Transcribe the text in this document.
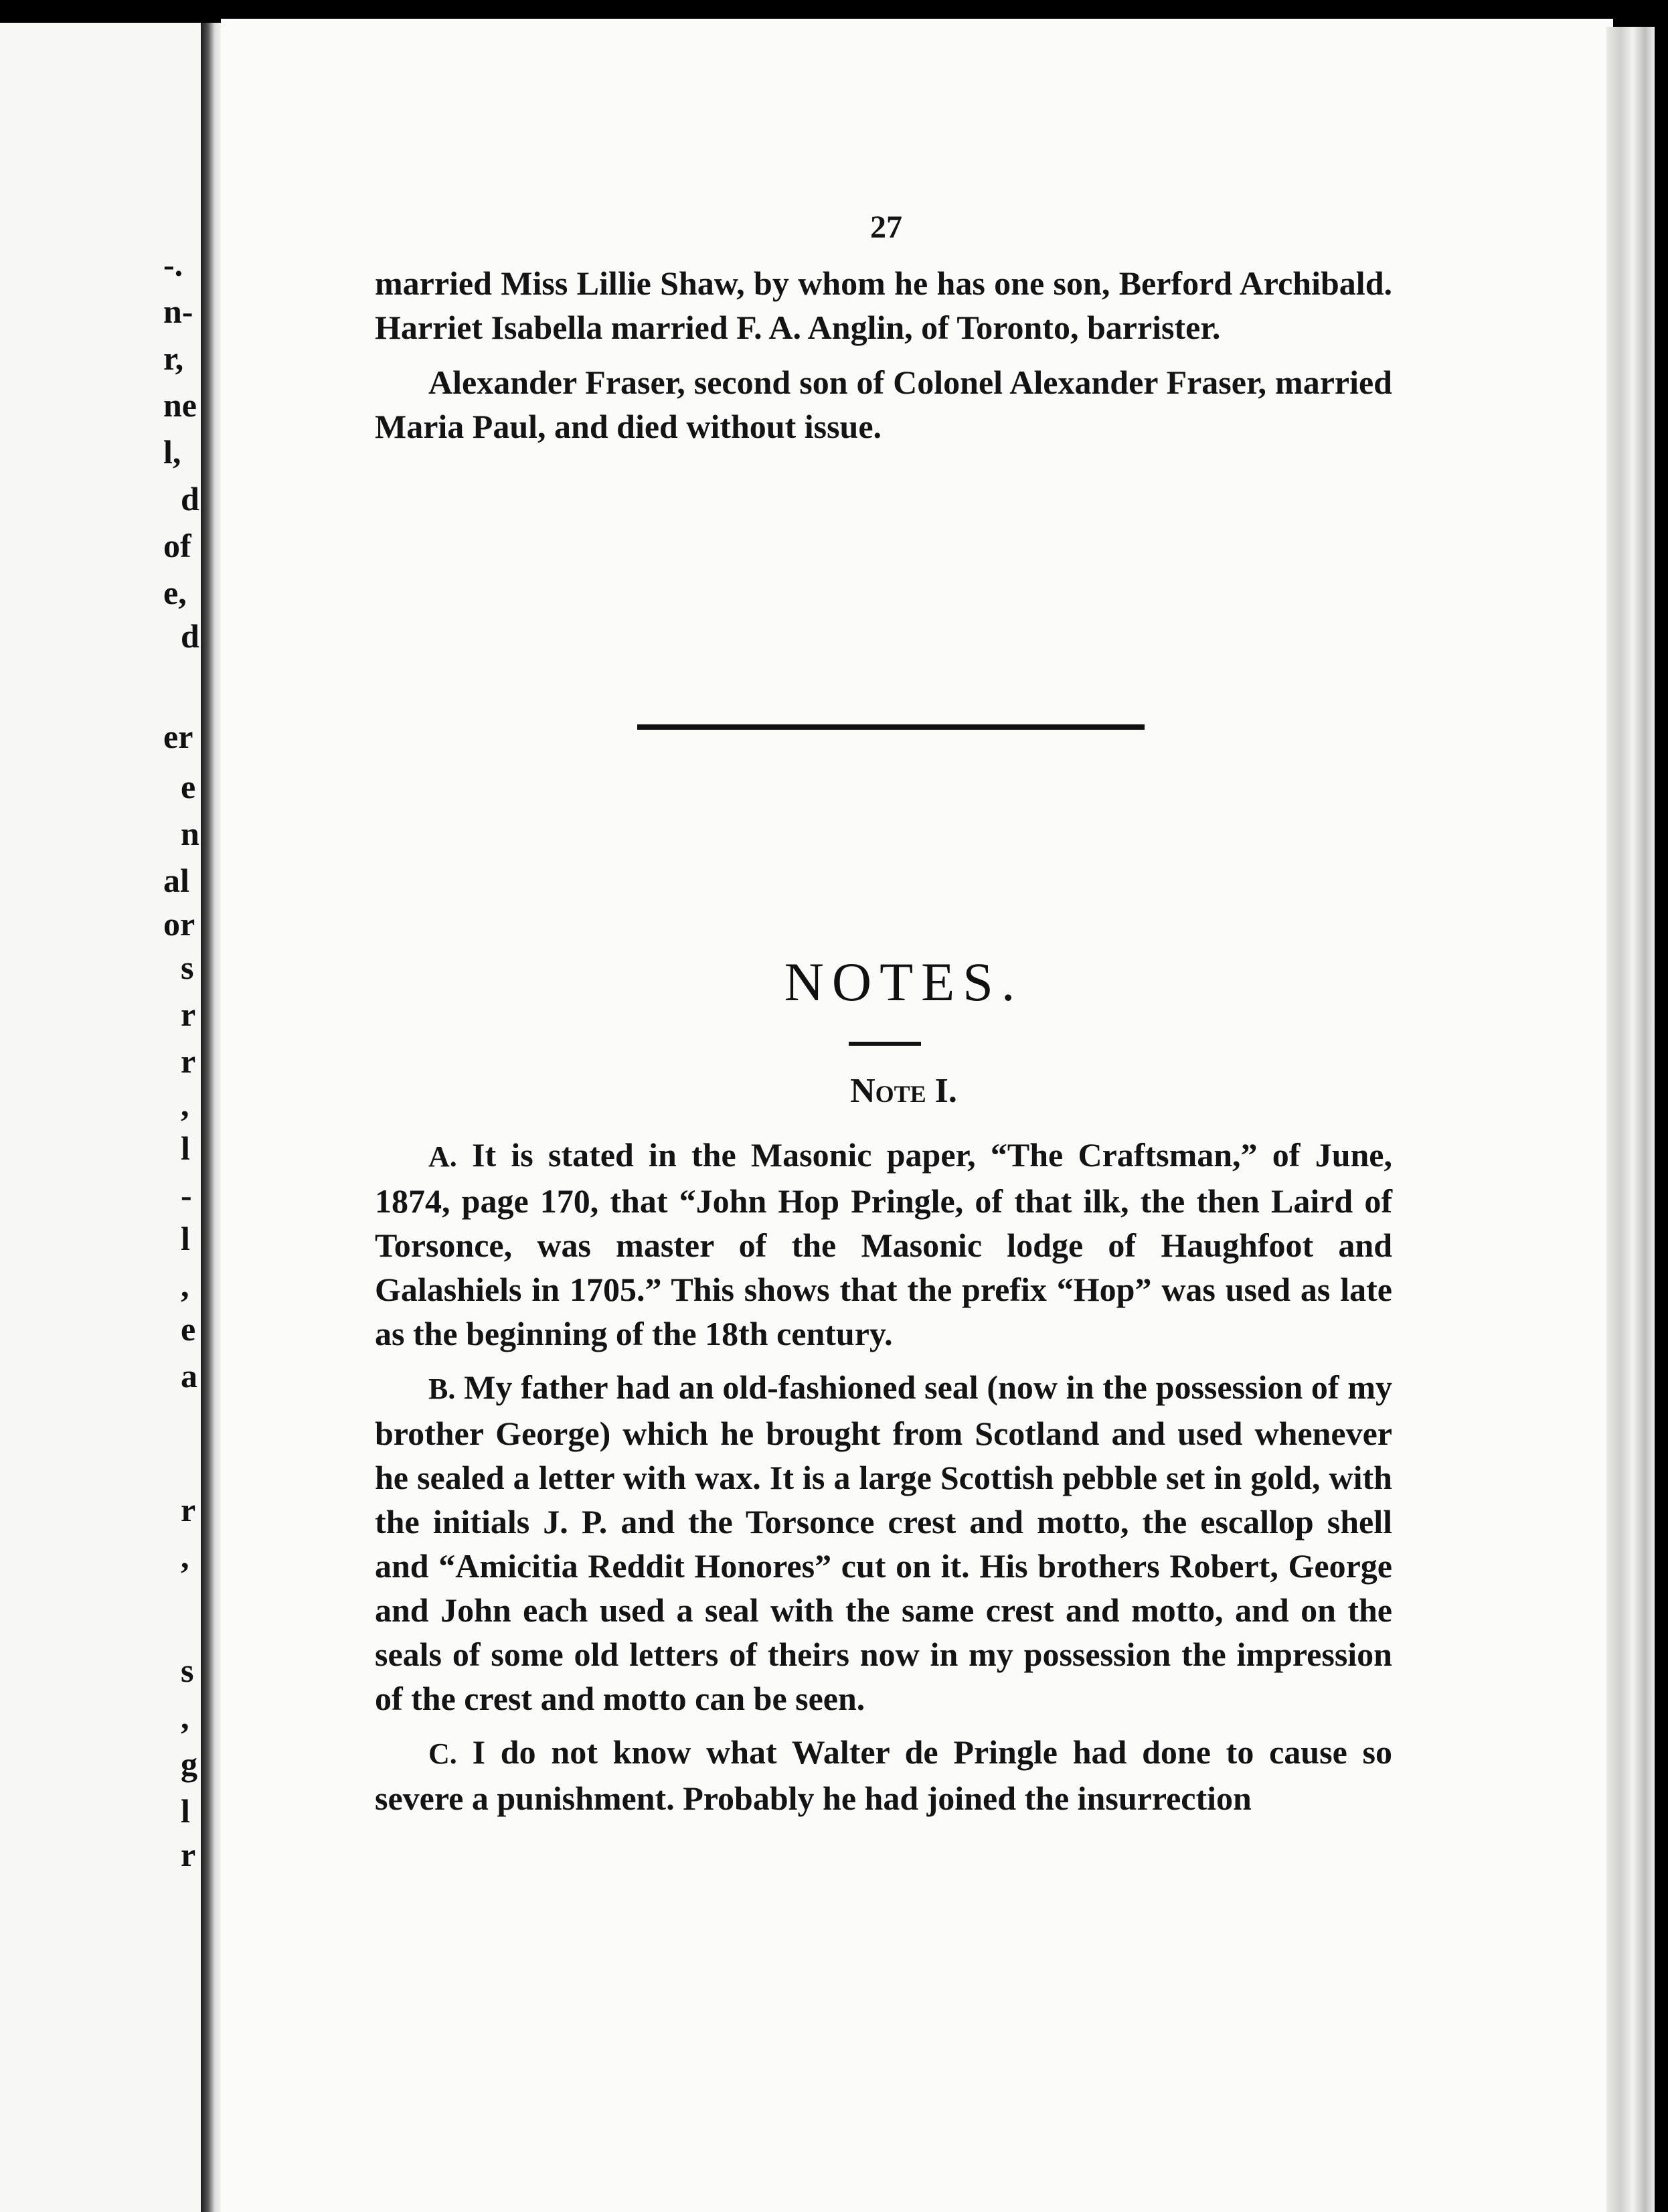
-.
n-
r,
ne
l,
d
of
e,
d
er
e
n
al
or
s
r
r
,
l
-
l
,
e
a
r
,
s
,
g
l
r
27

married Miss Lillie Shaw, by whom he has one son, Berford Archibald. Harriet Isabella married F. A. Anglin, of Toronto, barrister.

Alexander Fraser, second son of Colonel Alexander Fraser, married Maria Paul, and died without issue.

NOTES.
Note I.

A. It is stated in the Masonic paper, “The Craftsman,” of June, 1874, page 170, that “John Hop Pringle, of that ilk, the then Laird of Torsonce, was master of the Masonic lodge of Haughfoot and Galashiels in 1705.” This shows that the prefix “Hop” was used as late as the beginning of the 18th century.

B. My father had an old-fashioned seal (now in the possession of my brother George) which he brought from Scotland and used whenever he sealed a letter with wax. It is a large Scottish pebble set in gold, with the initials J. P. and the Torsonce crest and motto, the escallop shell and “Amicitia Reddit Honores” cut on it. His brothers Robert, George and John each used a seal with the same crest and motto, and on the seals of some old letters of theirs now in my possession the impression of the crest and motto can be seen.

C. I do not know what Walter de Pringle had done to cause so severe a punishment. Probably he had joined the insurrection
